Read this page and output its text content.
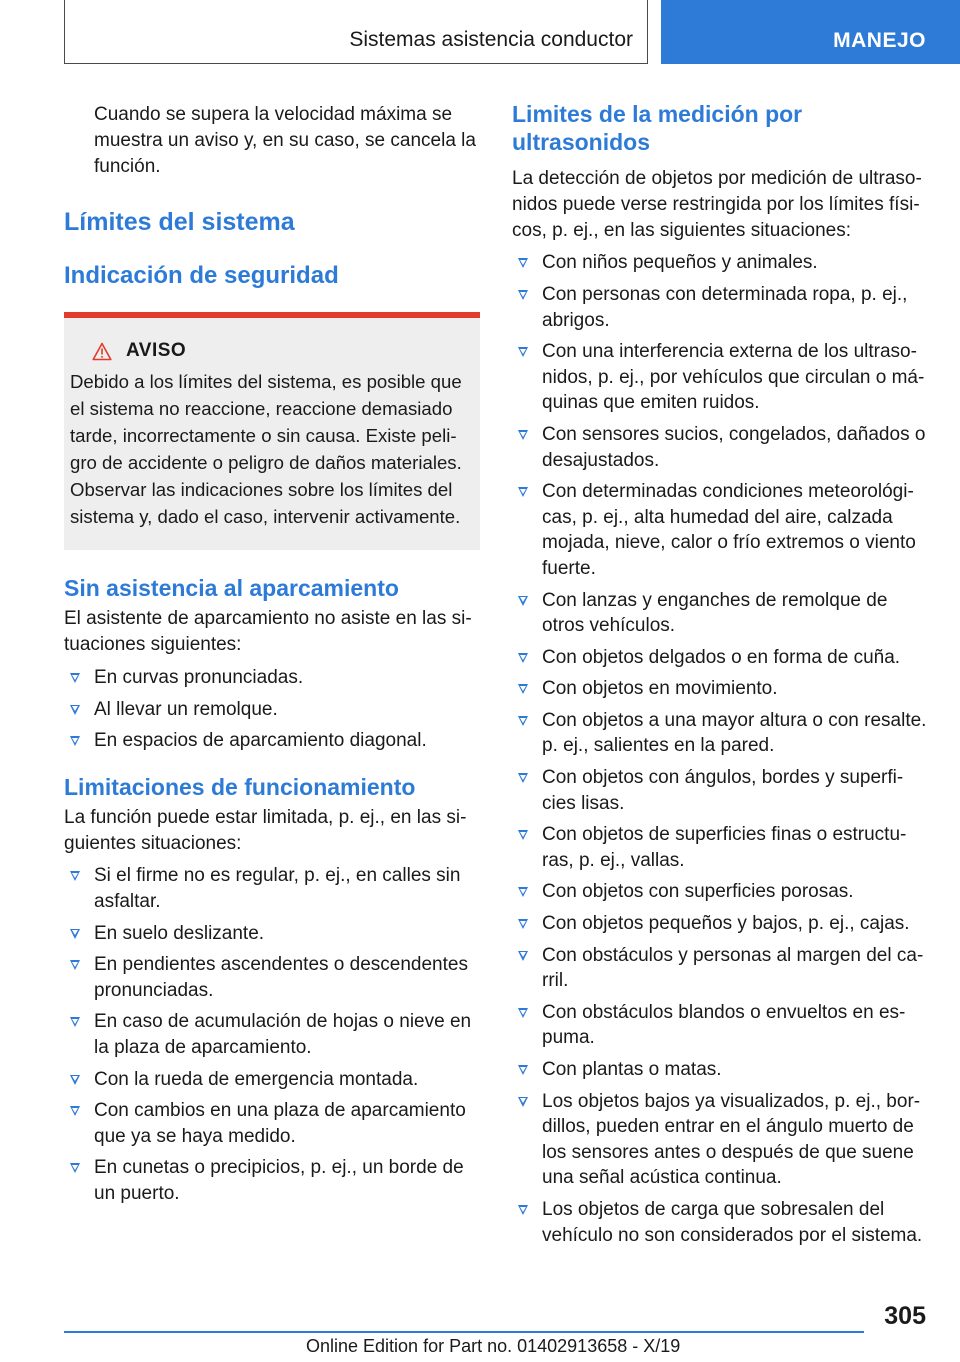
Sistemas asistencia conductor	MANEJO

Cuando se supera la velocidad máxima se muestra un aviso y, en su caso, se cancela la función.

Límites del sistema
Indicación de seguridad
AVISO

Debido a los límites del sistema, es posible que el sistema no reaccione, reaccione demasiado tarde, incorrectamente o sin causa. Existe peligro de accidente o peligro de daños materiales. Observar las indicaciones sobre los límites del sistema y, dado el caso, intervenir activamente.

Sin asistencia al aparcamiento

El asistente de aparcamiento no asiste en las situaciones siguientes:

En curvas pronunciadas.
Al llevar un remolque.
En espacios de aparcamiento diagonal.
Limitaciones de funcionamiento

La función puede estar limitada, p. ej., en las siguientes situaciones:

Si el firme no es regular, p. ej., en calles sin asfaltar.
En suelo deslizante.
En pendientes ascendentes o descendentes pronunciadas.
En caso de acumulación de hojas o nieve en la plaza de aparcamiento.
Con la rueda de emergencia montada.
Con cambios en una plaza de aparcamiento que ya se haya medido.
En cunetas o precipicios, p. ej., un borde de un puerto.
Limites de la medición por ultrasonidos

La detección de objetos por medición de ultrasonidos puede verse restringida por los límites físicos, p. ej., en las siguientes situaciones:

Con niños pequeños y animales.
Con personas con determinada ropa, p. ej., abrigos.
Con una interferencia externa de los ultrasonidos, p. ej., por vehículos que circulan o máquinas que emiten ruidos.
Con sensores sucios, congelados, dañados o desajustados.
Con determinadas condiciones meteorológicas, p. ej., alta humedad del aire, calzada mojada, nieve, calor o frío extremos o viento fuerte.
Con lanzas y enganches de remolque de otros vehículos.
Con objetos delgados o en forma de cuña.
Con objetos en movimiento.
Con objetos a una mayor altura o con resalte. p. ej., salientes en la pared.
Con objetos con ángulos, bordes y superficies lisas.
Con objetos de superficies finas o estructuras, p. ej., vallas.
Con objetos con superficies porosas.
Con objetos pequeños y bajos, p. ej., cajas.
Con obstáculos y personas al margen del carril.
Con obstáculos blandos o envueltos en espuma.
Con plantas o matas.
Los objetos bajos ya visualizados, p. ej., bordillos, pueden entrar en el ángulo muerto de los sensores antes o después de que suene una señal acústica continua.
Los objetos de carga que sobresalen del vehículo no son considerados por el sistema.
305
Online Edition for Part no. 01402913658 - X/19
